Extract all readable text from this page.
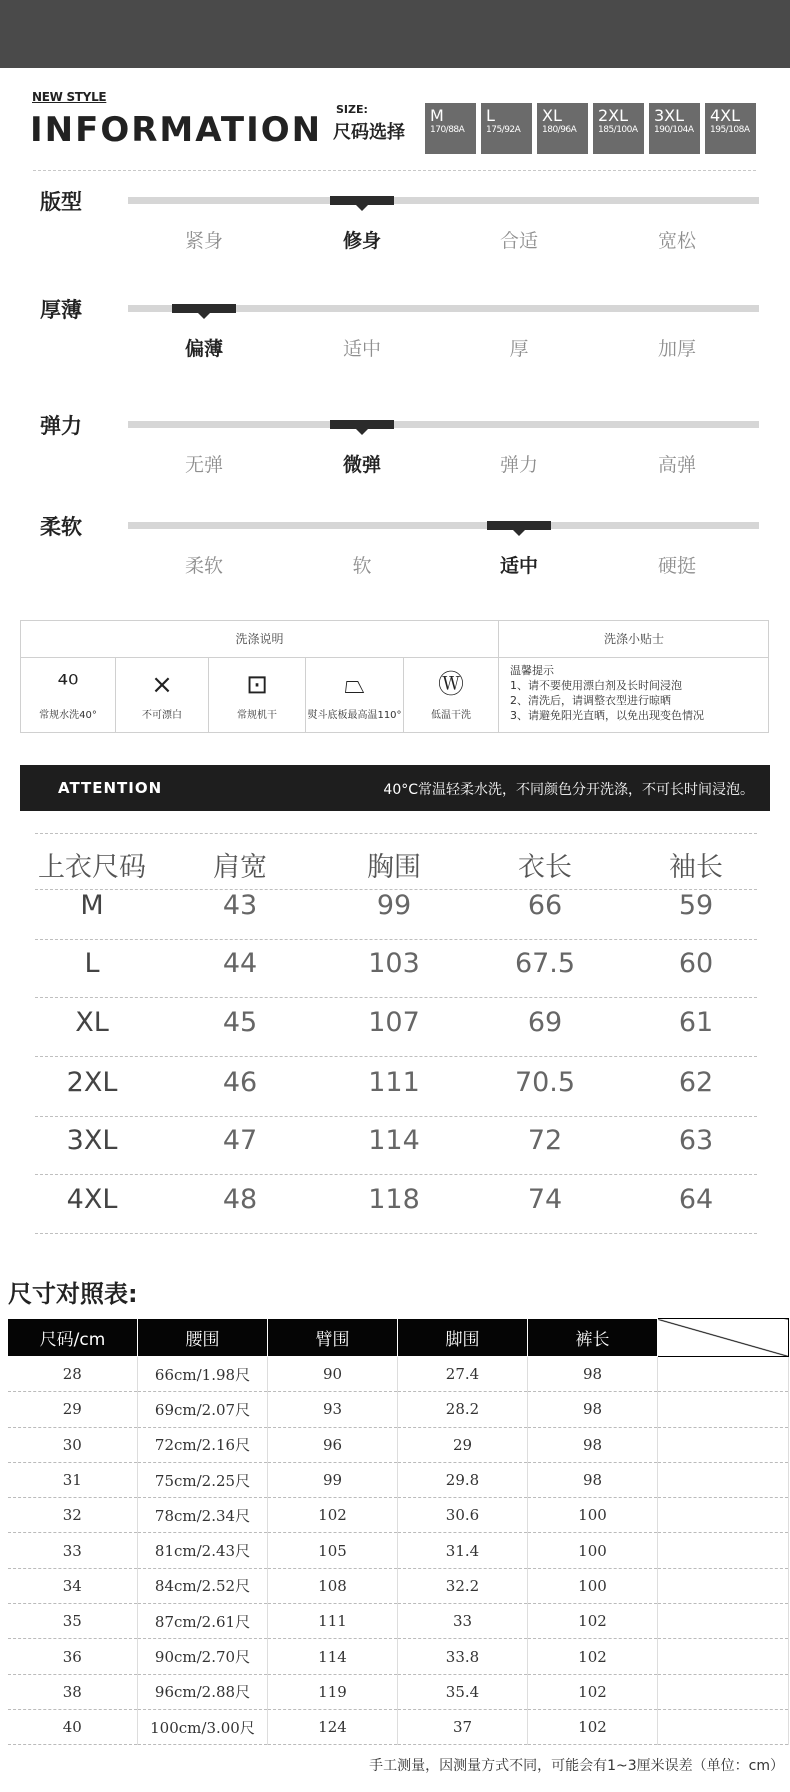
NEW STYLE
INFORMATION
SIZE:
尺码选择
M
170/88A
L
175/92A
XL
180/96A
2XL
185/100A
3XL
190/104A
4XL
195/108A
版型
紧身	修身	合适	宽松
厚薄
偏薄	适中	厚	加厚
弹力
无弹	微弹	弹力	高弹
柔软
柔软	软	适中	硬挺
洗涤说明	洗涤小贴士
⁴⁰
常规水洗40°
⨯
不可漂白
⊡
常规机干
⏢
熨斗底板最高温110°
Ⓦ
低温干洗
温馨提示
1、请不要使用漂白剂及长时间浸泡
2、清洗后，请调整衣型进行晾晒
3、请避免阳光直晒，以免出现变色情况
ATTENTION	40°C常温轻柔水洗，不同颜色分开洗涤，不可长时间浸泡。
上衣尺码	肩宽	胸围	衣长	袖长
M	43	99	66	59
L	44	103	67.5	60
XL	45	107	69	61
2XL	46	111	70.5	62
3XL	47	114	72	63
4XL	48	118	74	64
尺寸对照表:
尺码/cm	腰围	臂围	脚围	裤长	
28	66cm/1.98尺	90	27.4	98	
29	69cm/2.07尺	93	28.2	98	
30	72cm/2.16尺	96	29	98	
31	75cm/2.25尺	99	29.8	98	
32	78cm/2.34尺	102	30.6	100	
33	81cm/2.43尺	105	31.4	100	
34	84cm/2.52尺	108	32.2	100	
35	87cm/2.61尺	111	33	102	
36	90cm/2.70尺	114	33.8	102	
38	96cm/2.88尺	119	35.4	102	
40	100cm/3.00尺	124	37	102	
手工测量，因测量方式不同，可能会有1~3厘米误差（单位：cm）
